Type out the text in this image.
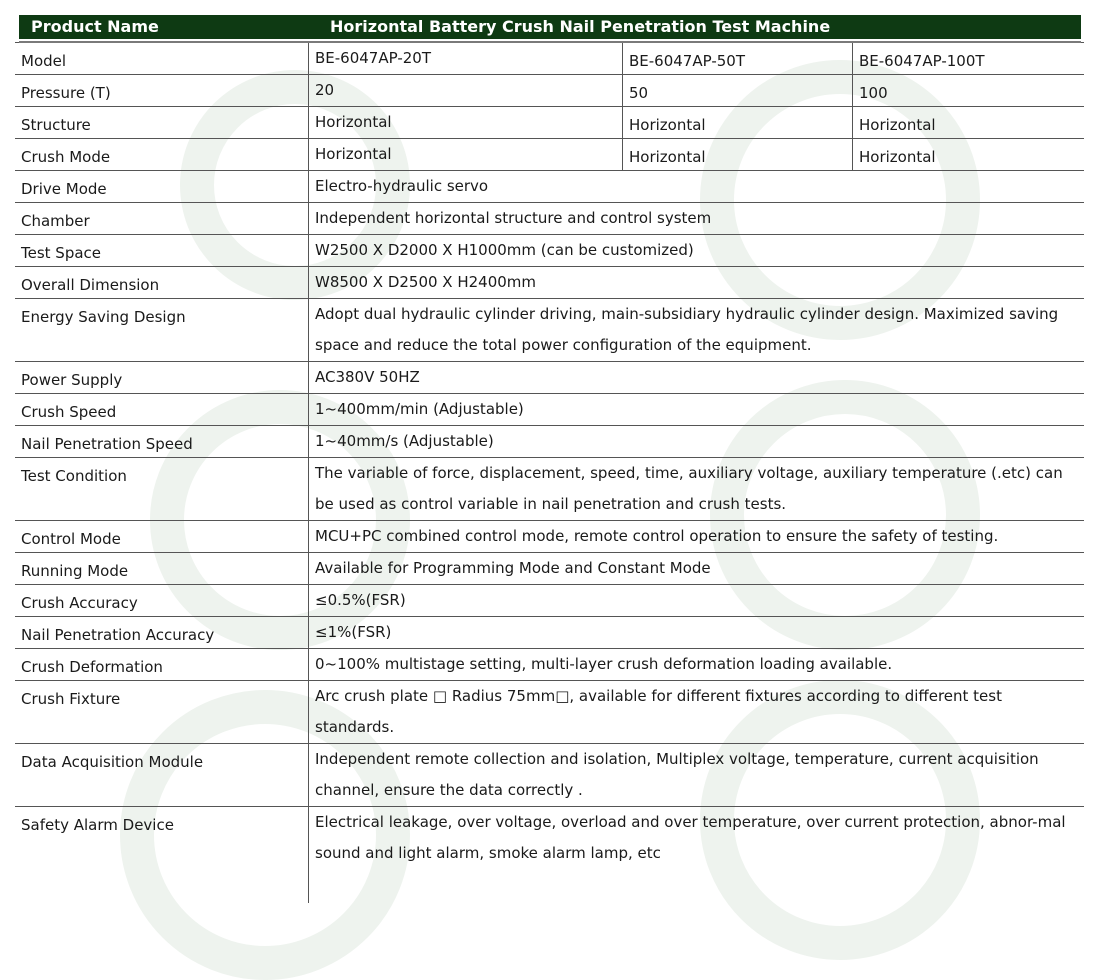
Product Name	Horizontal Battery Crush Nail Penetration Test Machine
Model	BE-6047AP-20T	BE-6047AP-50T	BE-6047AP-100T
Pressure (T)	20	50	100
Structure	Horizontal	Horizontal	Horizontal
Crush Mode	Horizontal	Horizontal	Horizontal
Drive Mode	Electro-hydraulic servo		
Chamber	Independent horizontal structure and control system		
Test Space	W2500 X D2000 X H1000mm (can be customized)		
Overall Dimension	W8500 X D2500 X H2400mm		
Energy Saving Design	Adopt dual hydraulic cylinder driving, main-subsidiary hydraulic cylinder design. Maximized saving space and reduce the total power configuration of the equipment.		
Power Supply	AC380V 50HZ		
Crush Speed	1~400mm/min (Adjustable)		
Nail Penetration Speed	1~40mm/s (Adjustable)		
Test Condition	The variable of force, displacement, speed, time, auxiliary voltage, auxiliary temperature (.etc) can be used as control variable in nail penetration and crush tests.		
Control Mode	MCU+PC combined control mode, remote control operation to ensure the safety of testing.		
Running Mode	Available for Programming Mode and Constant Mode		
Crush Accuracy	≤0.5%(FSR)		
Nail Penetration Accuracy	≤1%(FSR)		
Crush Deformation	0~100% multistage setting, multi-layer crush deformation loading available.		
Crush Fixture	Arc crush plate □ Radius 75mm□, available for different fixtures according to different test standards.		
Data Acquisition Module	Independent remote collection and isolation, Multiplex voltage, temperature, current acquisition channel, ensure the data correctly .		
Safety Alarm Device	Electrical leakage, over voltage, overload and over temperature, over current protection, abnor-mal sound and light alarm, smoke alarm lamp, etc		
